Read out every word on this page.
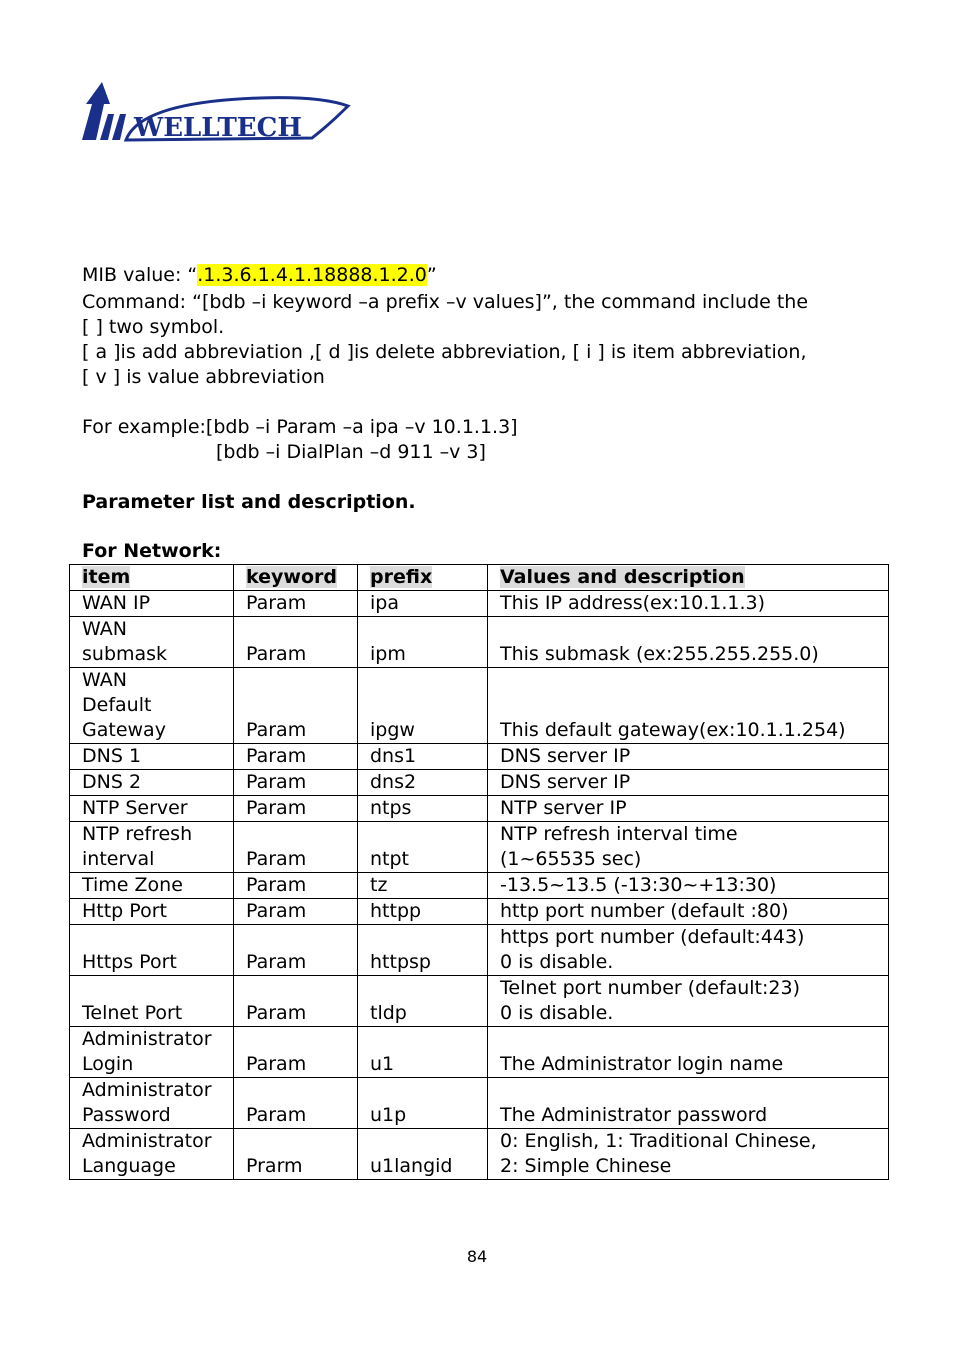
WELLTECH
MIB value: “.1.3.6.1.4.1.18888.1.2.0”
Command: “[bdb –i keyword –a prefix –v values]”, the command include the
[ ] two symbol.
[ a ]is add abbreviation ,[ d ]is delete abbreviation, [ i ] is item abbreviation,
[ v ] is value abbreviation
For example:[bdb –i Param –a ipa –v 10.1.1.3]
[bdb –i DialPlan –d 911 –v 3]
Parameter list and description.
For Network:
item	keyword	prefix	Values and description
WAN IP	Param	ipa	This IP address(ex:10.1.1.3)
WAN
submask	Param	ipm	This submask (ex:255.255.255.0)
WAN
Default
Gateway	Param	ipgw	This default gateway(ex:10.1.1.254)
DNS 1	Param	dns1	DNS server IP
DNS 2	Param	dns2	DNS server IP
NTP Server	Param	ntps	NTP server IP
NTP refresh
interval	Param	ntpt	NTP refresh interval time
(1~65535 sec)
Time Zone	Param	tz	-13.5~13.5 (-13:30~+13:30)
Http Port	Param	httpp	http port number (default :80)
Https Port	Param	httpsp	https port number (default:443)
0 is disable.
Telnet Port	Param	tldp	Telnet port number (default:23)
0 is disable.
Administrator
Login	Param	u1	The Administrator login name
Administrator
Password	Param	u1p	The Administrator password
Administrator
Language	Prarm	u1langid	0: English, 1: Traditional Chinese,
2: Simple Chinese
84
